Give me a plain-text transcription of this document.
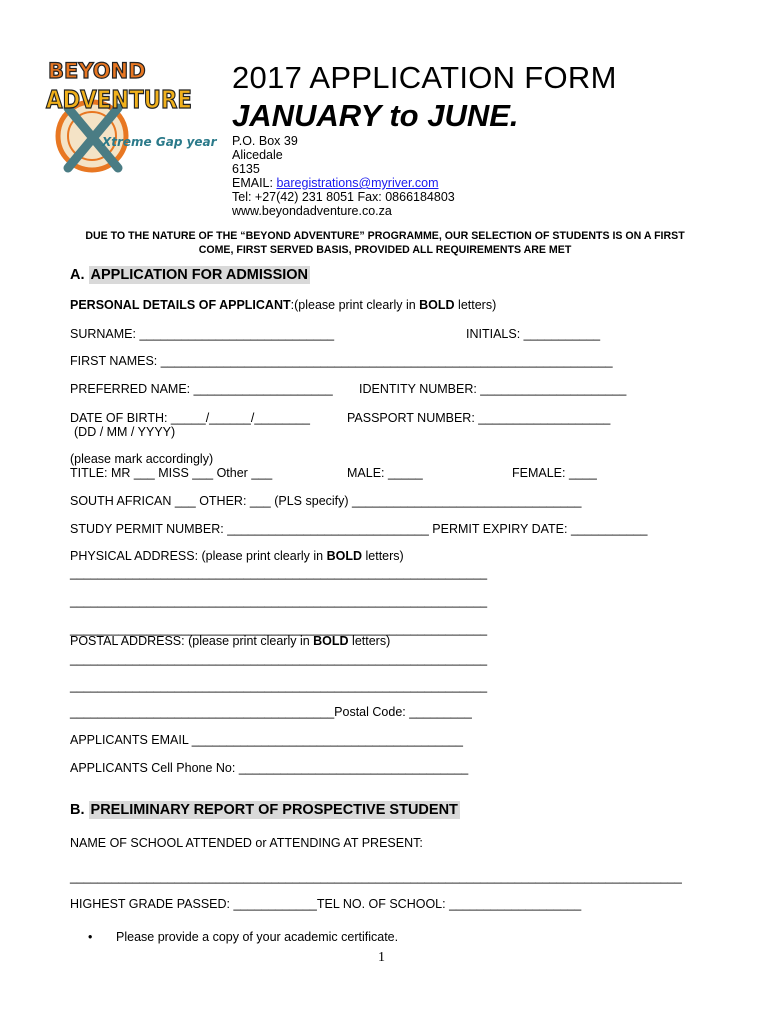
BEYOND
ADVENTURE
Xtreme Gap year
2017 APPLICATION FORM
JANUARY to JUNE.
P.O. Box 39
Alicedale
6135
EMAIL: baregistrations@myriver.com
Tel: +27(42) 231 8051 Fax: 0866184803
www.beyondadventure.co.za
DUE TO THE NATURE OF THE “BEYOND ADVENTURE” PROGRAMME, OUR SELECTION OF STUDENTS IS ON A FIRST
COME, FIRST SERVED BASIS, PROVIDED ALL REQUIREMENTS ARE MET
A. APPLICATION FOR ADMISSION
PERSONAL DETAILS OF APPLICANT:(please print clearly in BOLD letters)
SURNAME: ____________________________	INITIALS: ___________
FIRST NAMES: _________________________________________________________________
PREFERRED NAME: ____________________ IDENTITY NUMBER: _____________________
DATE OF BIRTH: _____/______/________
(DD / MM / YYYY)
PASSPORT NUMBER: ___________________
(please mark accordingly)
TITLE: MR ___ MISS ___ Other ___	MALE: _____	FEMALE: ____
SOUTH AFRICAN ___ OTHER: ___ (PLS specify) _________________________________
STUDY PERMIT NUMBER: _____________________________ PERMIT EXPIRY DATE: ___________
PHYSICAL ADDRESS: (please print clearly in BOLD letters)
____________________________________________________________
____________________________________________________________
____________________________________________________________
POSTAL ADDRESS: (please print clearly in BOLD letters)
____________________________________________________________
____________________________________________________________
______________________________________Postal Code: _________
APPLICANTS EMAIL _______________________________________
APPLICANTS Cell Phone No: _________________________________
B. PRELIMINARY REPORT OF PROSPECTIVE STUDENT
NAME OF SCHOOL ATTENDED or ATTENDING AT PRESENT:
________________________________________________________________________________________
HIGHEST GRADE PASSED: ____________TEL NO. OF SCHOOL: ___________________
• Please provide a copy of your academic certificate.
1
